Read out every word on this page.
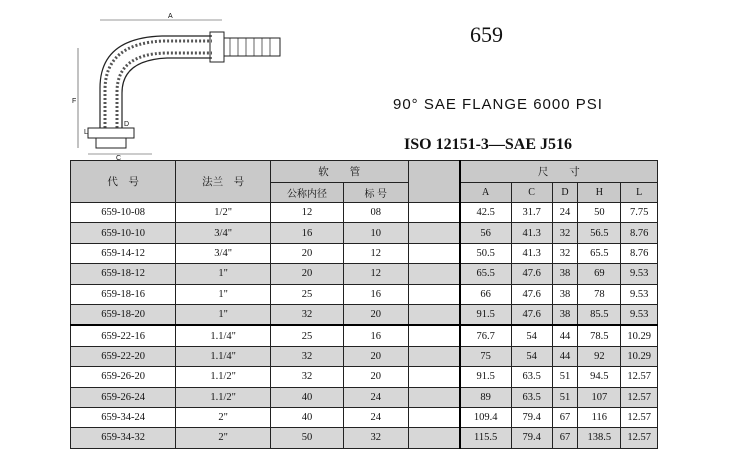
A
F
D
L
C
659
90° SAE FLANGE 6000 PSI
ISO 12151-3—SAE J516
代　号	法兰　号	软　　管			尺　　寸				
		公称内径	标 号		A	C	D	H	L
659-10-08	1/2"	12	08		42.5	31.7	24	50	7.75
659-10-10	3/4"	16	10		56	41.3	32	56.5	8.76
659-14-12	3/4"	20	12		50.5	41.3	32	65.5	8.76
659-18-12	1"	20	12		65.5	47.6	38	69	9.53
659-18-16	1"	25	16		66	47.6	38	78	9.53
659-18-20	1"	32	20		91.5	47.6	38	85.5	9.53
659-22-16	1.1/4"	25	16		76.7	54	44	78.5	10.29
659-22-20	1.1/4"	32	20		75	54	44	92	10.29
659-26-20	1.1/2"	32	20		91.5	63.5	51	94.5	12.57
659-26-24	1.1/2"	40	24		89	63.5	51	107	12.57
659-34-24	2"	40	24		109.4	79.4	67	116	12.57
659-34-32	2"	50	32		115.5	79.4	67	138.5	12.57
